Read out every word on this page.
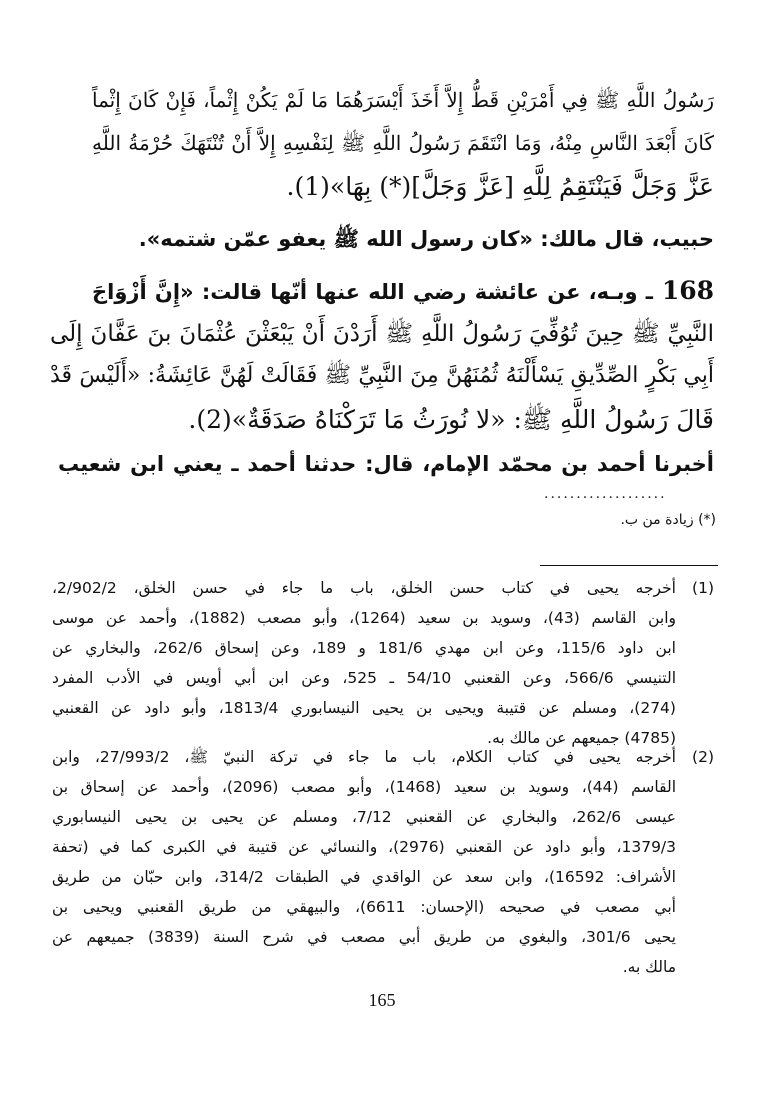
رَسُولُ اللَّهِ ﷺ فِي أَمْرَيْنِ قَطُّ إِلاَّ أَخَذَ أَيْسَرَهُمَا مَا لَمْ يَكُنْ إِثْماً، فَإِنْ كَانَ إِثْماً
كَانَ أَبْعَدَ النَّاسِ مِنْهُ، وَمَا انْتَقَمَ رَسُولُ اللَّهِ ﷺ لِنَفْسِهِ إِلاَّ أَنْ تُنْتَهَكَ حُرْمَةُ اللَّهِ
عَزَّ وَجَلَّ فَيَنْتَقِمُ لِلَّهِ [عَزَّ وَجَلَّ](*) بِهَا»(1).
حبيب، قال مالك: «كان رسول الله ﷺ يعفو عمّن شتمه».
168 ـ وبـه، عن عائشة رضي الله عنها أنّها قالت: «إِنَّ أَزْوَاجَ
النَّبِيِّ ﷺ حِينَ تُوُفِّيَ رَسُولُ اللَّهِ ﷺ أَرَدْنَ أَنْ يَبْعَثْنَ عُثْمَانَ بنَ عَفَّانَ إِلَى
أَبِي بَكْرٍ الصِّدِّيقِ يَسْأَلْنَهُ ثُمُنَهُنَّ مِنَ النَّبِيِّ ﷺ فَقَالَتْ لَهُنَّ عَائِشَةُ: «أَلَيْسَ قَدْ
قَالَ رَسُولُ اللَّهِ ﷺ: «لا نُورَثُ مَا تَرَكْنَاهُ صَدَقَةٌ»(2).
أخبرنا أحمد بن محمّد الإمام، قال: حدثنا أحمد ـ يعني ابن شعيب
...................
(*) زيادة من ب.
(1)
أخرجه يحيى في كتاب حسن الخلق، باب ما جاء في حسن الخلق، 2/902/2،
وابن القاسم (43)، وسويد بن سعيد (1264)، وأبو مصعب (1882)، وأحمد عن موسى
ابن داود 115/6، وعن ابن مهدي 181/6 و 189، وعن إسحاق 262/6، والبخاري عن
التنيسي 566/6، وعن القعنبي 54/10 ـ 525، وعن ابن أبي أويس في الأدب المفرد
(274)، ومسلم عن قتيبة ويحيى بن يحيى النيسابوري 1813/4، وأبو داود عن القعنبي
(4785) جميعهم عن مالك به.
(2)
أخرجه يحيى في كتاب الكلام، باب ما جاء في تركة النبيّ ﷺ، 27/993/2، وابن
القاسم (44)، وسويد بن سعيد (1468)، وأبو مصعب (2096)، وأحمد عن إسحاق بن
عيسى 262/6، والبخاري عن القعنبي 7/12، ومسلم عن يحيى بن يحيى النيسابوري
1379/3، وأبو داود عن القعنبي (2976)، والنسائي عن قتيبة في الكبرى كما في (تحفة
الأشراف: 16592)، وابن سعد عن الواقدي في الطبقات 314/2، وابن حبّان من طريق
أبي مصعب في صحيحه (الإحسان: 6611)، والبيهقي من طريق القعنبي ويحيى بن
يحيى 301/6، والبغوي من طريق أبي مصعب في شرح السنة (3839) جميعهم عن
مالك به.
165
